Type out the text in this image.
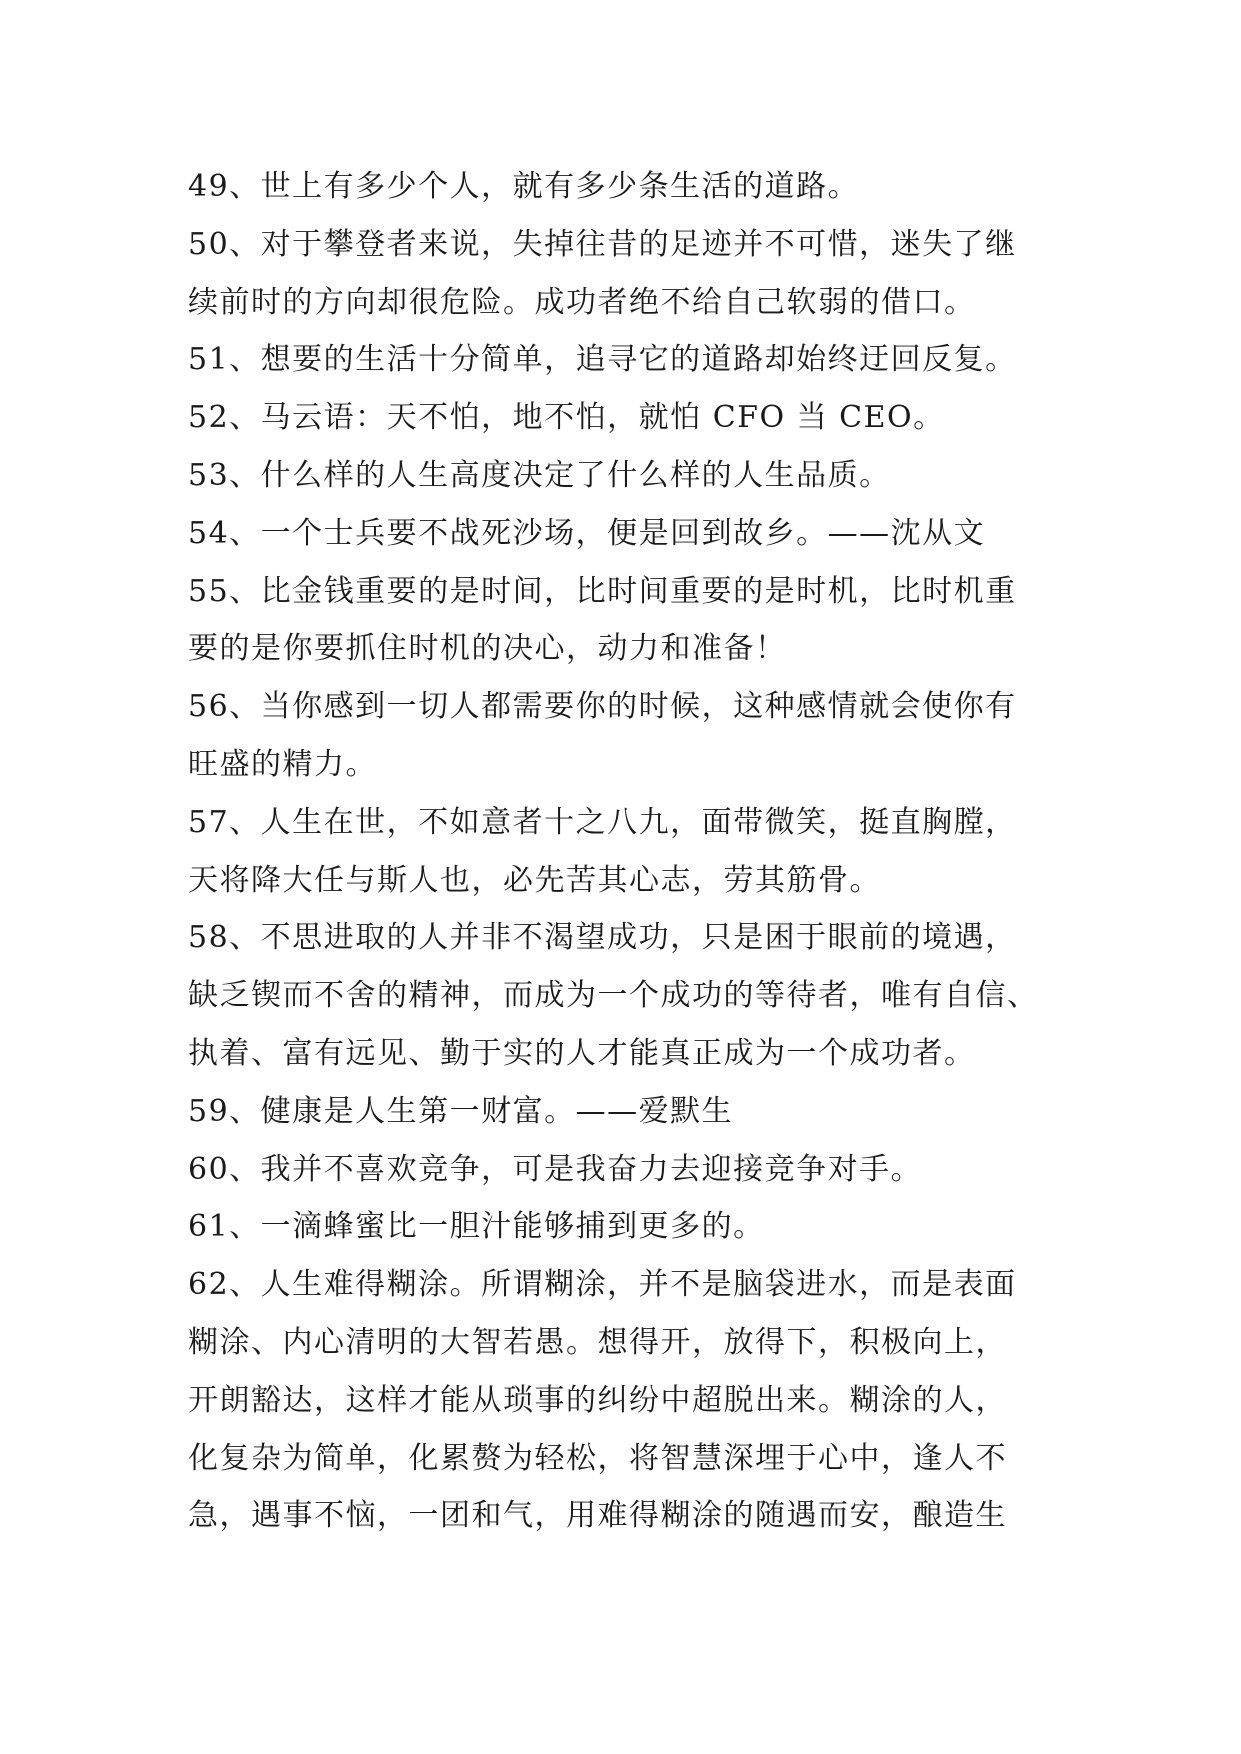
49、世上有多少个人，就有多少条生活的道路。
50、对于攀登者来说，失掉往昔的足迹并不可惜，迷失了继
续前时的方向却很危险。成功者绝不给自己软弱的借口。
51、想要的生活十分简单，追寻它的道路却始终迂回反复。
52、马云语：天不怕，地不怕，就怕 CFO 当 CEO。
53、什么样的人生高度决定了什么样的人生品质。
54、一个士兵要不战死沙场，便是回到故乡。——沈从文
55、比金钱重要的是时间，比时间重要的是时机，比时机重
要的是你要抓住时机的决心，动力和准备！
56、当你感到一切人都需要你的时候，这种感情就会使你有
旺盛的精力。
57、人生在世，不如意者十之八九，面带微笑，挺直胸膛，
天将降大任与斯人也，必先苦其心志，劳其筋骨。
58、不思进取的人并非不渴望成功，只是困于眼前的境遇，
缺乏锲而不舍的精神，而成为一个成功的等待者，唯有自信、
执着、富有远见、勤于实的人才能真正成为一个成功者。
59、健康是人生第一财富。——爱默生
60、我并不喜欢竞争，可是我奋力去迎接竞争对手。
61、一滴蜂蜜比一胆汁能够捕到更多的。
62、人生难得糊涂。所谓糊涂，并不是脑袋进水，而是表面
糊涂、内心清明的大智若愚。想得开，放得下，积极向上，
开朗豁达，这样才能从琐事的纠纷中超脱出来。糊涂的人，
化复杂为简单，化累赘为轻松，将智慧深埋于心中，逢人不
急，遇事不恼，一团和气，用难得糊涂的随遇而安，酿造生
